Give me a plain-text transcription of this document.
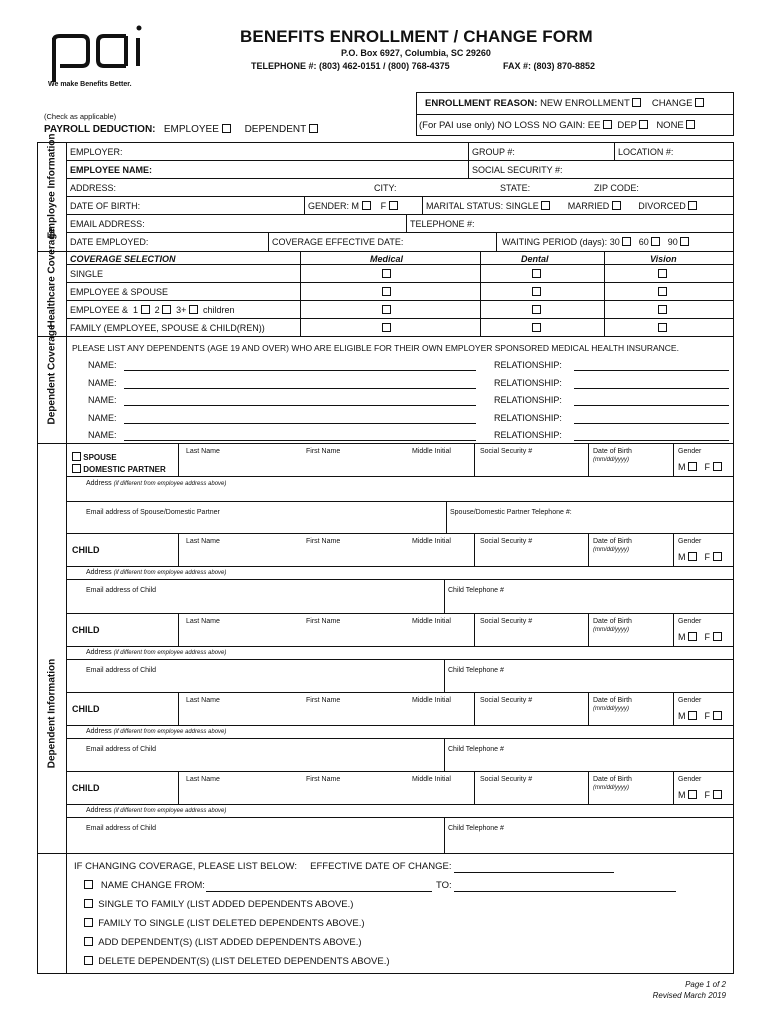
We make Benefits Better.
BENEFITS ENROLLMENT / CHANGE FORM
P.O. Box 6927, Columbia, SC 29260
TELEPHONE #: (803) 462-0151 / (800) 768-4375	FAX #: (803) 870-8852
ENROLLMENT REASON: NEW ENROLLMENT CHANGE
(For PAI use only) NO LOSS NO GAIN: EE DEP NONE
(Check as applicable)
PAYROLL DEDUCTION: EMPLOYEE	DEPENDENT
Employee Information EMPLOYER:	GROUP #:	LOCATION #:
EMPLOYEE NAME:	SOCIAL SECURITY #:
ADDRESS:	CITY:	STATE:	ZIP CODE:
DATE OF BIRTH:	GENDER: M F	MARITAL STATUS: SINGLE	MARRIED	DIVORCED
EMAIL ADDRESS:	TELEPHONE #:
DATE EMPLOYED:	COVERAGE EFFECTIVE DATE:	WAITING PERIOD (days): 30 60 90
Healthcare Coverage COVERAGE SELECTION	Medical	Dental	Vision
SINGLE
EMPLOYEE & SPOUSE
EMPLOYEE & 1 2 3+ children
FAMILY (EMPLOYEE, SPOUSE & CHILD(REN))
Dependent Coverage PLEASE LIST ANY DEPENDENTS (AGE 19 AND OVER) WHO ARE ELIGIBLE FOR THEIR OWN EMPLOYER SPONSORED MEDICAL HEALTH INSURANCE.
NAME:	RELATIONSHIP:
NAME:	RELATIONSHIP:
NAME:	RELATIONSHIP:
NAME:	RELATIONSHIP:
NAME:	RELATIONSHIP:
Dependent Information
SPOUSE
DOMESTIC PARTNER
Last Name	First Name	Middle Initial	Social Security #	Date of Birth
(mm/dd/yyyy)
Gender
M F
Address (if different from employee address above)
Email address of Spouse/Domestic Partner	Spouse/Domestic Partner Telephone #:
CHILD
Last Name	First Name	Middle Initial	Social Security #	Date of Birth
(mm/dd/yyyy)
Gender
M F
Address (if different from employee address above)
Email address of Child	Child Telephone #
CHILD
Last Name	First Name	Middle Initial	Social Security #	Date of Birth
(mm/dd/yyyy)
Gender
M F
Address (if different from employee address above)
Email address of Child	Child Telephone #
CHILD
Last Name	First Name	Middle Initial	Social Security #	Date of Birth
(mm/dd/yyyy)
Gender
M F
Address (if different from employee address above)
Email address of Child	Child Telephone #
CHILD
Last Name	First Name	Middle Initial	Social Security #	Date of Birth
(mm/dd/yyyy)
Gender
M F
Address (if different from employee address above)
Email address of Child	Child Telephone #
IF CHANGING COVERAGE, PLEASE LIST BELOW: EFFECTIVE DATE OF CHANGE:
NAME CHANGE FROM:	TO:
SINGLE TO FAMILY (LIST ADDED DEPENDENTS ABOVE.)
FAMILY TO SINGLE (LIST DELETED DEPENDENTS ABOVE.)
ADD DEPENDENT(S) (LIST ADDED DEPENDENTS ABOVE.)
DELETE DEPENDENT(S) (LIST DELETED DEPENDENTS ABOVE.)
Page 1 of 2
Revised March 2019
